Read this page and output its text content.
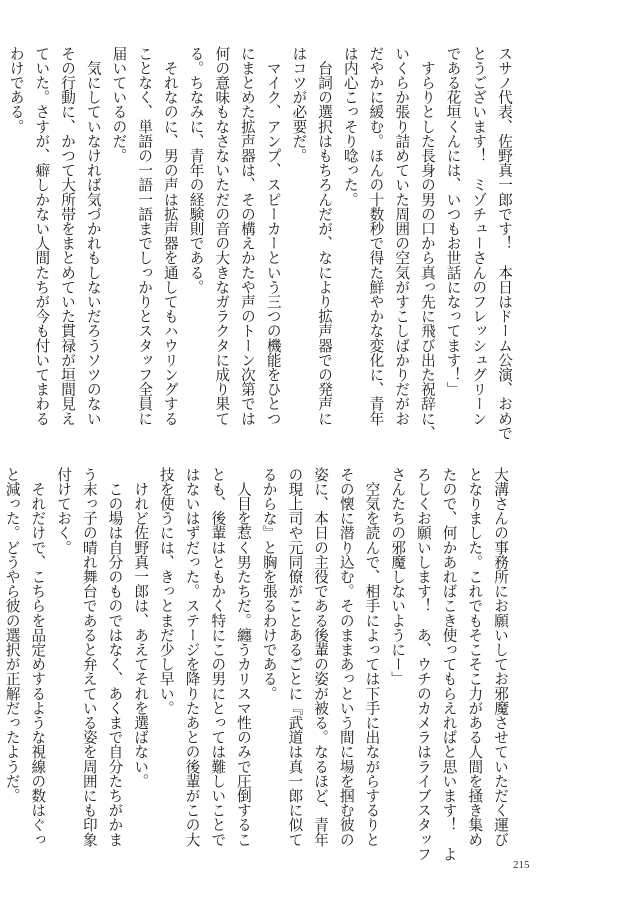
スサノ代表、佐野真一郎です！　本日はドーム公演、おめで
とうございます！　ミゾチューさんのフレッシュグリーン
である花垣くんには、いつもお世話になってます！」
　すらりとした長身の男の口から真っ先に飛び出た祝辞に、
いくらか張り詰めていた周囲の空気がすこしばかりだがお
だやかに緩む。ほんの十数秒で得た鮮やかな変化に、青年
は内心こっそり唸った。
　台詞の選択はもちろんだが、なにより拡声器での発声に
はコツが必要だ。
　マイク、アンプ、スピーカーという三つの機能をひとつ
にまとめた拡声器は、その構えかたや声のトーン次第では
何の意味もなさないただの音の大きなガラクタに成り果て
る。ちなみに、青年の経験則である。
　それなのに、男の声は拡声器を通してもハウリングする
ことなく、単語の一語一語までしっかりとスタッフ全員に
届いているのだ。
　気にしていなければ気づかれもしないだろうソツのない
その行動に、かつて大所帯をまとめていた貫禄が垣間見え
ていた。さすが、癖しかない人間たちが今も付いてまわる
わけである。
大溝さんの事務所にお願いしてお邪魔させていただく運び
となりました。これでもそこそこ力がある人間を掻き集め
たので、何かあればこき使ってもらえればと思います！　よ
ろしくお願いします！　あ、ウチのカメラはライブスタッフ
さんたちの邪魔しないようにー」
　空気を読んで、相手によっては下手に出ながらするりと
その懐に潜り込む。そのままあっという間に場を掴む彼の
姿に、本日の主役である後輩の姿が被る。なるほど、青年
の現上司や元同僚がことあるごとに『武道は真一郎に似て
るからな』と胸を張るわけである。
　人目を惹く男たちだ。纏うカリスマ性のみで圧倒するこ
とも、後輩はともかく特にこの男にとっては難しいことで
はないはずだった。ステージを降りたあとの後輩がこの大
技を使うには、きっとまだ少し早い。
　けれど佐野真一郎は、あえてそれを選ばない。
　この場は自分のものではなく、あくまで自分たちがかま
う末っ子の晴れ舞台であると弁えている姿を周囲にも印象
付けておく。
　それだけで、こちらを品定めするような視線の数はぐっ
と減った。どうやら彼の選択が正解だったようだ。
215
